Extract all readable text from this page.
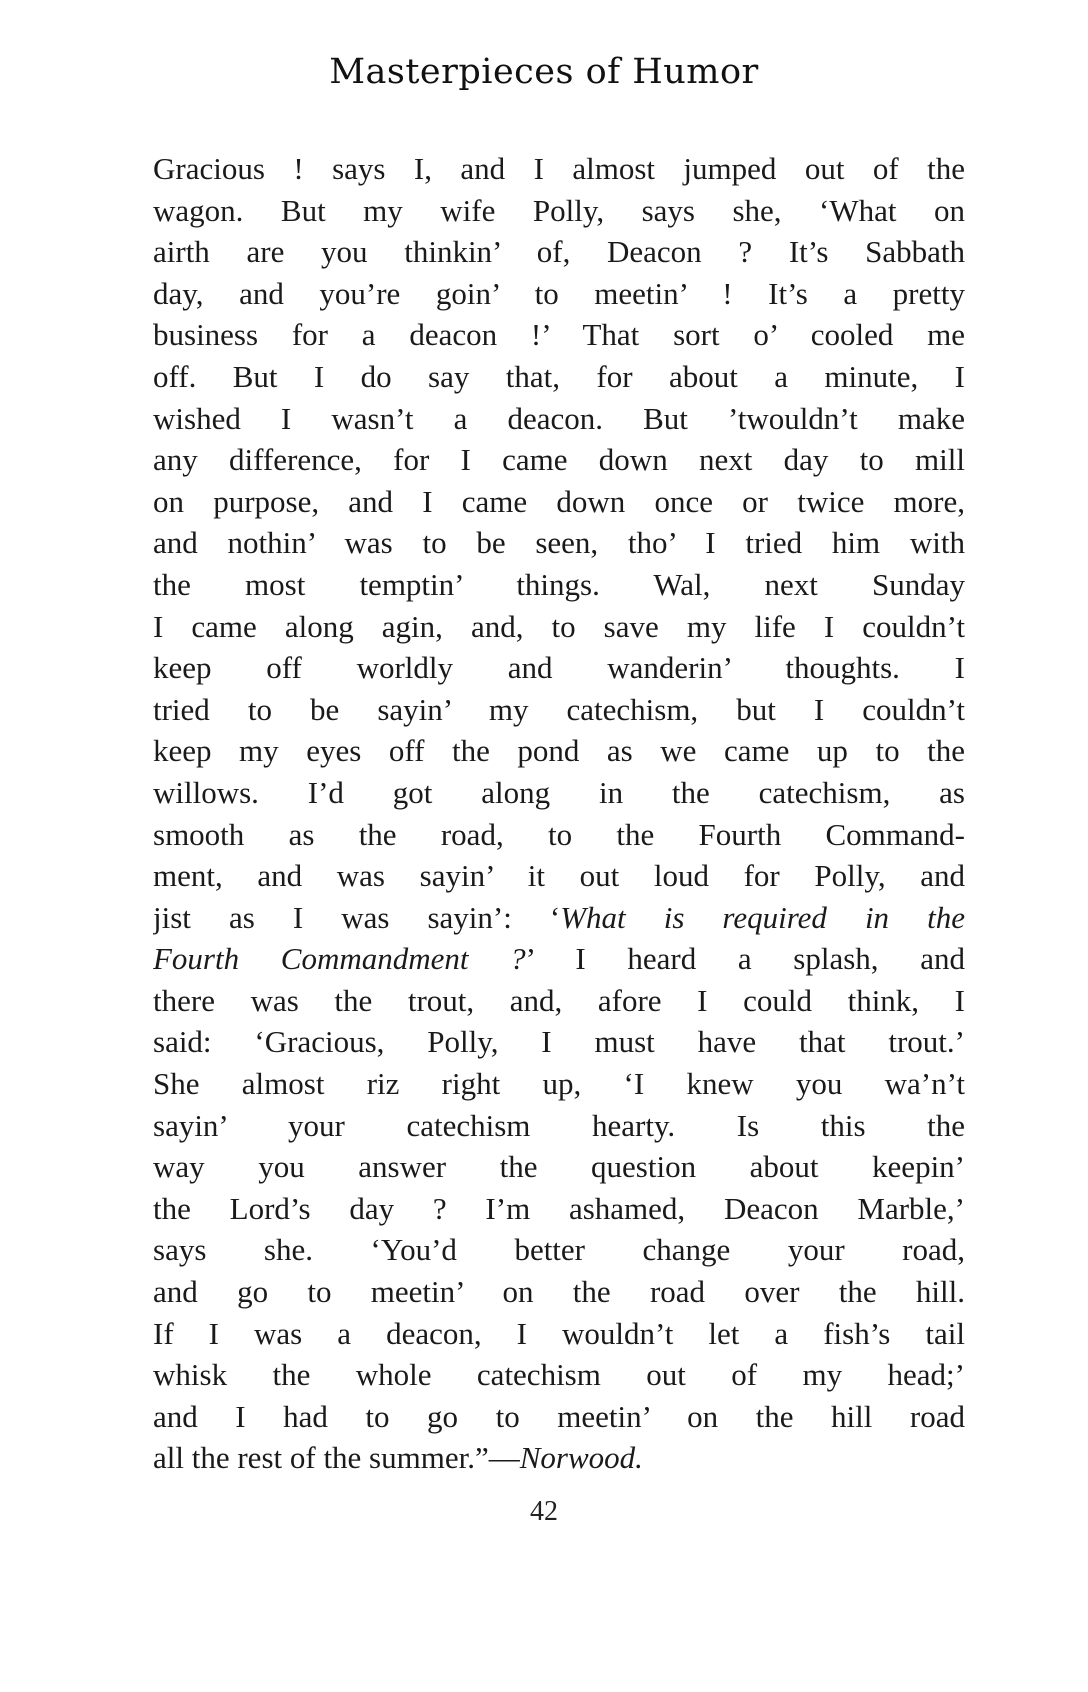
Masterpieces of Humor
Gracious ! says I, and I almost jumped out of the
wagon. But my wife Polly, says she, ‘What on
airth are you thinkin’ of, Deacon ? It’s Sabbath
day, and you’re goin’ to meetin’ ! It’s a pretty
business for a deacon !’ That sort o’ cooled me
off. But I do say that, for about a minute, I
wished I wasn’t a deacon. But ’twouldn’t make
any difference, for I came down next day to mill
on purpose, and I came down once or twice more,
and nothin’ was to be seen, tho’ I tried him with
the most temptin’ things. Wal, next Sunday
I came along agin, and, to save my life I couldn’t
keep off worldly and wanderin’ thoughts. I
tried to be sayin’ my catechism, but I couldn’t
keep my eyes off the pond as we came up to the
willows. I’d got along in the catechism, as
smooth as the road, to the Fourth Command-
ment, and was sayin’ it out loud for Polly, and
jist as I was sayin’: ‘What is required in the
Fourth Commandment ?’ I heard a splash, and
there was the trout, and, afore I could think, I
said: ‘Gracious, Polly, I must have that trout.’
She almost riz right up, ‘I knew you wa’n’t
sayin’ your catechism hearty. Is this the
way you answer the question about keepin’
the Lord’s day ? I’m ashamed, Deacon Marble,’
says she. ‘You’d better change your road,
and go to meetin’ on the road over the hill.
If I was a deacon, I wouldn’t let a fish’s tail
whisk the whole catechism out of my head;’
and I had to go to meetin’ on the hill road
all the rest of the summer.”—Norwood.
42
